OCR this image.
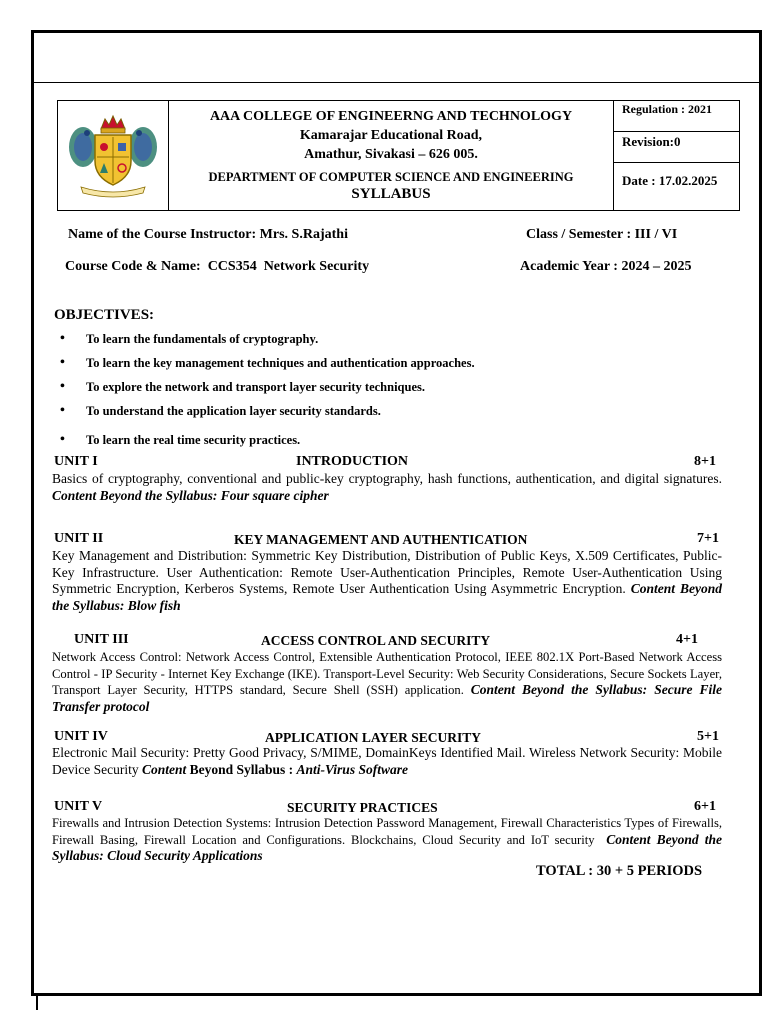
AAA COLLEGE OF ENGINEERNG AND TECHNOLOGY
Kamarajar Educational Road,
Amathur, Sivakasi – 626 005.
DEPARTMENT OF COMPUTER SCIENCE AND ENGINEERING
SYLLABUS
Regulation : 2021
Revision:0
Date : 17.02.2025
Name of the Course Instructor: Mrs. S.Rajathi	Class / Semester : III / VI
Course Code & Name:  CCS354  Network Security	Academic Year : 2024 – 2025
OBJECTIVES:
• To learn the fundamentals of cryptography.
• To learn the key management techniques and authentication approaches.
• To explore the network and transport layer security techniques.
• To understand the application layer security standards.
• To learn the real time security practices.
UNIT I	INTRODUCTION	8+1

Basics of cryptography, conventional and public-key cryptography, hash functions, authentication, and digital signatures. Content Beyond the Syllabus: Four square cipher

UNIT II	KEY MANAGEMENT AND AUTHENTICATION	7+1

Key Management and Distribution: Symmetric Key Distribution, Distribution of Public Keys, X.509 Certificates, Public-Key Infrastructure. User Authentication: Remote User-Authentication Principles, Remote User-Authentication Using Symmetric Encryption, Kerberos Systems, Remote User Authentication Using Asymmetric Encryption. Content Beyond the Syllabus: Blow fish

UNIT III	ACCESS CONTROL AND SECURITY	4+1

Network Access Control: Network Access Control, Extensible Authentication Protocol, IEEE 802.1X Port-Based Network Access Control - IP Security - Internet Key Exchange (IKE). Transport-Level Security: Web Security Considerations, Secure Sockets Layer, Transport Layer Security, HTTPS standard, Secure Shell (SSH) application. Content Beyond the Syllabus: Secure File Transfer protocol

UNIT IV	APPLICATION LAYER SECURITY	5+1

Electronic Mail Security: Pretty Good Privacy, S/MIME, DomainKeys Identified Mail. Wireless Network Security: Mobile Device Security Content Beyond Syllabus : Anti-Virus Software

UNIT V	SECURITY PRACTICES	6+1

Firewalls and Intrusion Detection Systems: Intrusion Detection Password Management, Firewall Characteristics Types of Firewalls, Firewall Basing, Firewall Location and Configurations. Blockchains, Cloud Security and IoT security Content Beyond the Syllabus: Cloud Security Applications

TOTAL : 30 + 5 PERIODS
